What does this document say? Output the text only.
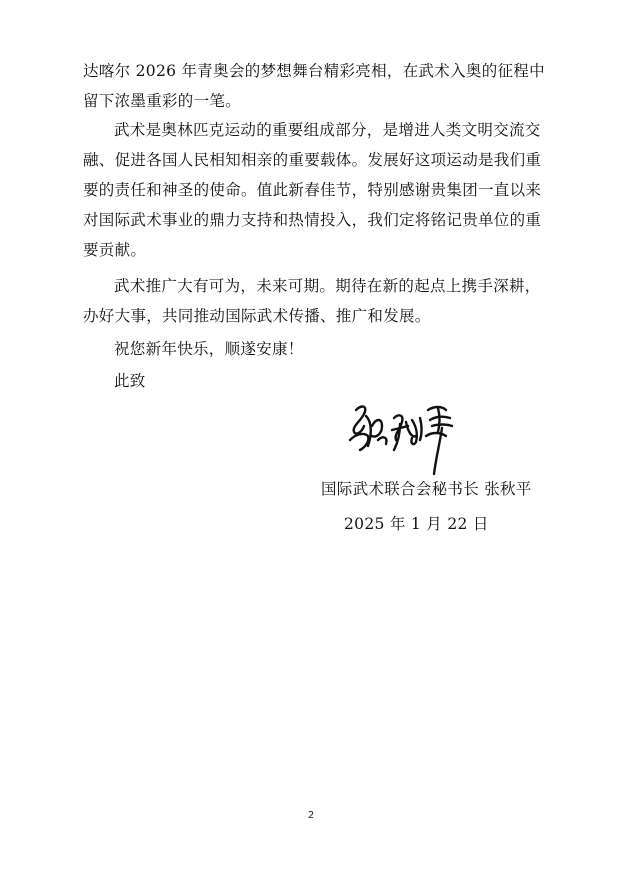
达喀尔 2026 年青奥会的梦想舞台精彩亮相，在武术入奥的征程中
留下浓墨重彩的一笔。

武术是奥林匹克运动的重要组成部分，是增进人类文明交流交
融、促进各国人民相知相亲的重要载体。发展好这项运动是我们重
要的责任和神圣的使命。值此新春佳节，特别感谢贵集团一直以来
对国际武术事业的鼎力支持和热情投入，我们定将铭记贵单位的重
要贡献。

武术推广大有可为，未来可期。期待在新的起点上携手深耕，
办好大事，共同推动国际武术传播、推广和发展。

祝您新年快乐，顺遂安康！

此致

国际武术联合会秘书长 张秋平
2025 年 1 月 22 日
2
